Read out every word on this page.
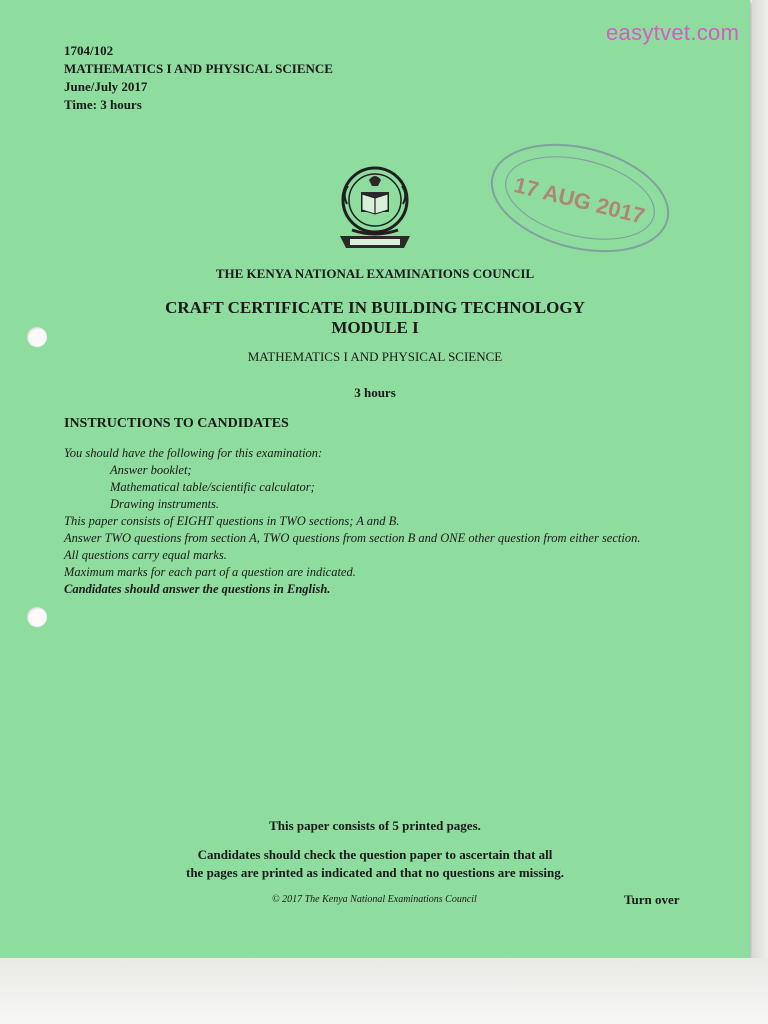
1704/102

MATHEMATICS I AND PHYSICAL SCIENCE

June/July 2017

Time: 3 hours

17 AUG 2017
THE KENYA NATIONAL EXAMINATIONS COUNCIL
CRAFT CERTIFICATE IN BUILDING TECHNOLOGY
MODULE I
MATHEMATICS I AND PHYSICAL SCIENCE
3 hours
INSTRUCTIONS TO CANDIDATES

You should have the following for this examination:

Answer booklet;

Mathematical table/scientific calculator;

Drawing instruments.

This paper consists of EIGHT questions in TWO sections; A and B.

Answer TWO questions from section A, TWO questions from section B and ONE other question from either section.

All questions carry equal marks.

Maximum marks for each part of a question are indicated.

Candidates should answer the questions in English.

This paper consists of 5 printed pages.
Candidates should check the question paper to ascertain that all
the pages are printed as indicated and that no questions are missing.
© 2017 The Kenya National Examinations Council	Turn over
easytvet.com
